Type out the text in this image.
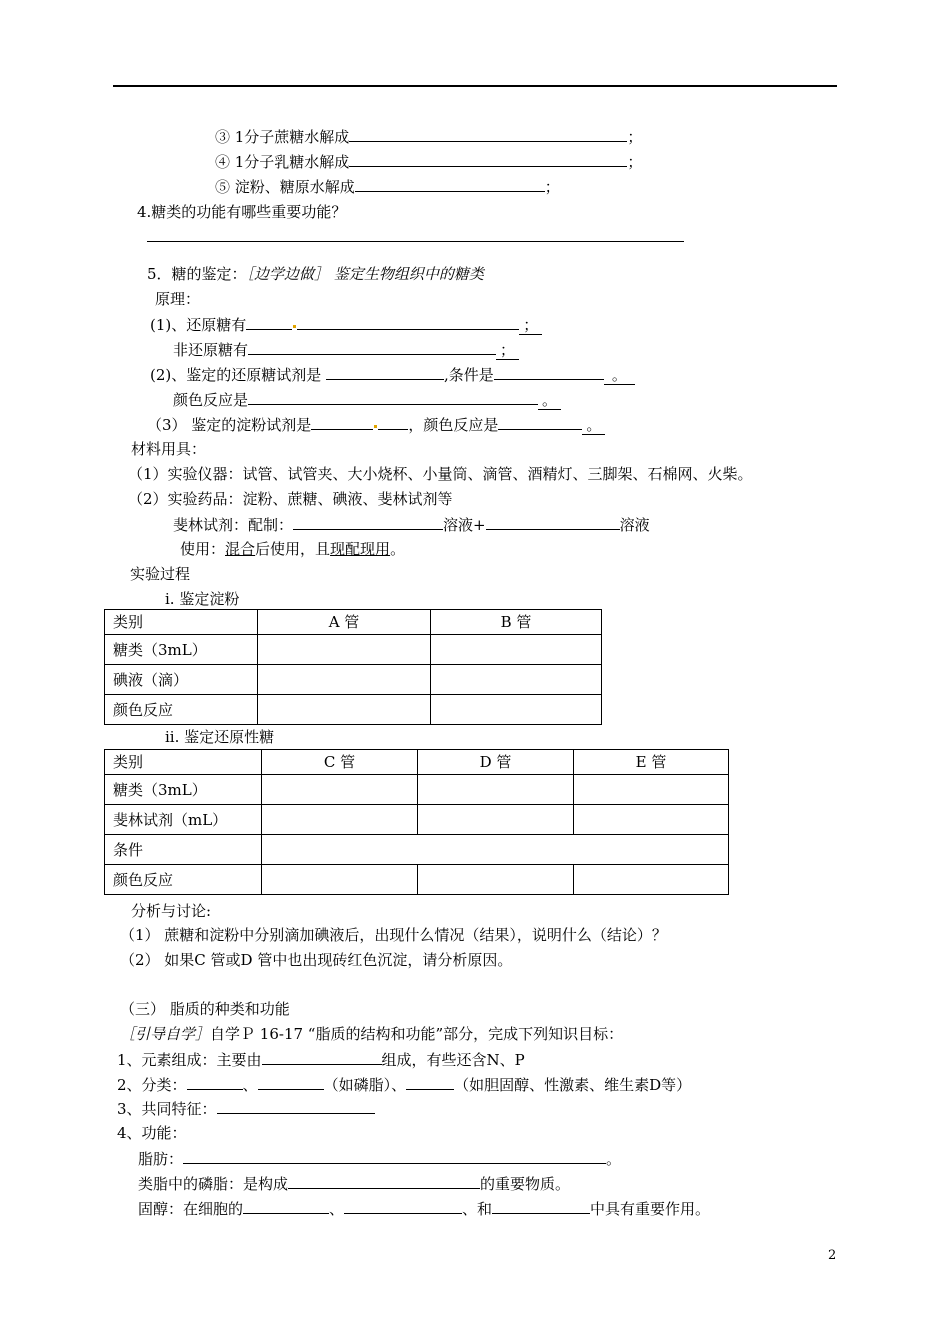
③ 1分子蔗糖水解成	；
④ 1分子乳糖水解成	；
⑤ 淀粉、糖原水解成	；
4.糖类的功能有哪些重要功能？
5．糖的鉴定：［边学边做］ 鉴定生物组织中的糖类
原理：
(1)、还原糖有	；
非还原糖有	；
(2)、鉴定的还原糖试剂是	,条件是	。
颜色反应是	。
（3） 鉴定的淀粉试剂是	，颜色反应是	。
材料用具：
（1）实验仪器：试管、试管夹、大小烧杯、小量筒、滴管、酒精灯、三脚架、石棉网、火柴。
（2）实验药品：淀粉、蔗糖、碘液、斐林试剂等
斐林试剂：配制：	溶液+	溶液
使用：混合后使用，且现配现用。
实验过程
i. 鉴定淀粉
类别	A 管	B 管
糖类（3mL）		
碘液（滴）		
颜色反应		
ii. 鉴定还原性糖
类别	C 管	D 管	E 管
糖类（3mL）			
斐林试剂（mL）			
条件			
颜色反应			
分析与讨论:
（1） 蔗糖和淀粉中分别滴加碘液后，出现什么情况（结果），说明什么（结论）？
（2） 如果C 管或D 管中也出现砖红色沉淀，请分析原因。
（三） 脂质的种类和功能
［引导自学］自学Ｐ 16-17 “脂质的结构和功能”部分，完成下列知识目标：
1、元素组成：主要由	组成，有些还含N、P
2、分类：	、	（如磷脂）、	（如胆固醇、性激素、维生素D等）
3、共同特征：
4、功能：
脂肪：	。
类脂中的磷脂：是构成	的重要物质。
固醇：在细胞的	、	、和	中具有重要作用。
2
